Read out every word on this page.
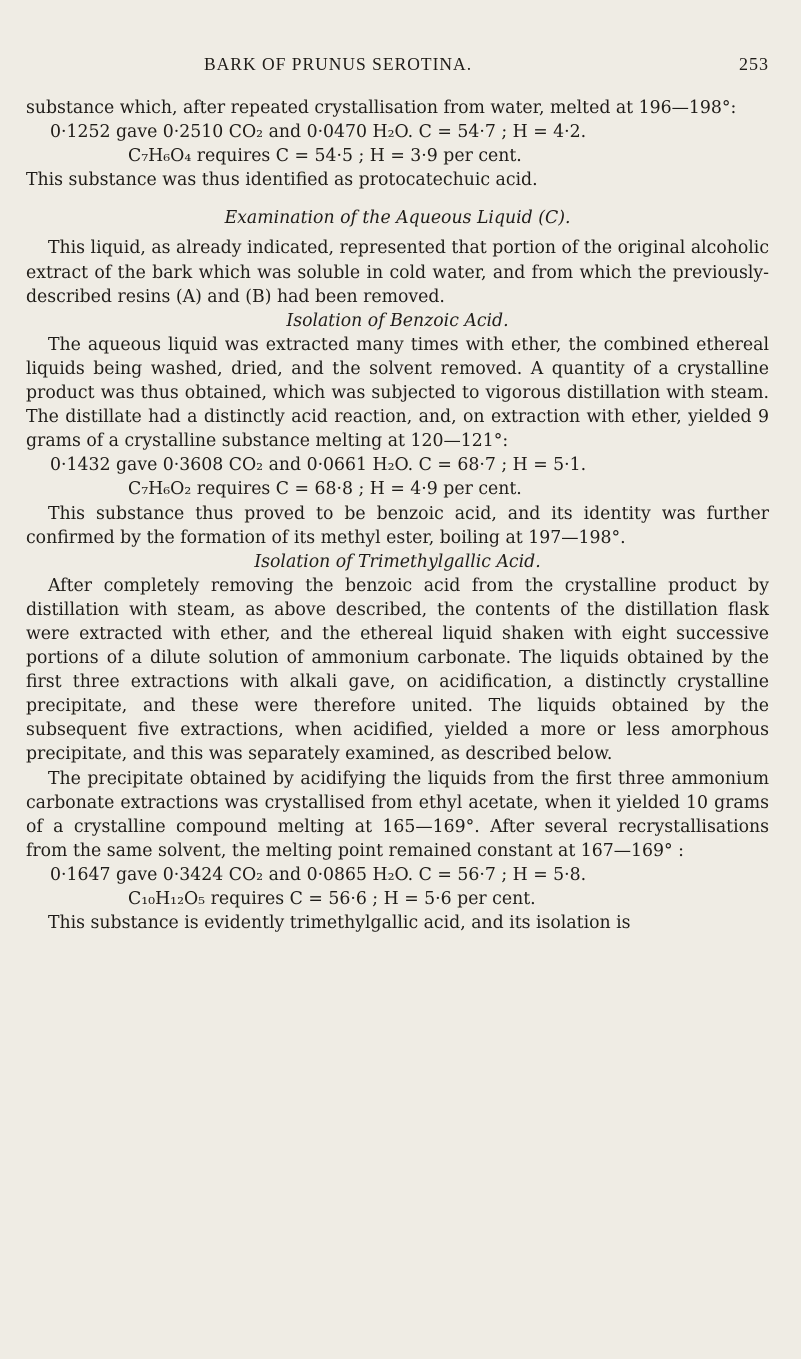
BARK OF PRUNUS SEROTINA.	253

substance which, after repeated crystallisation from water, melted at 196—198°:

0·1252 gave 0·2510 CO₂ and 0·0470 H₂O. C = 54·7 ; H = 4·2.

C₇H₆O₄ requires C = 54·5 ; H = 3·9 per cent.

This substance was thus identified as protocatechuic acid.

Examination of the Aqueous Liquid (C).

This liquid, as already indicated, represented that portion of the original alcoholic extract of the bark which was soluble in cold water, and from which the previously-described resins (A) and (B) had been removed.

Isolation of Benzoic Acid.

The aqueous liquid was extracted many times with ether, the combined ethereal liquids being washed, dried, and the solvent removed. A quantity of a crystalline product was thus obtained, which was subjected to vigorous distillation with steam. The distillate had a distinctly acid reaction, and, on extraction with ether, yielded 9 grams of a crystalline substance melting at 120—121°:

0·1432 gave 0·3608 CO₂ and 0·0661 H₂O. C = 68·7 ; H = 5·1.

C₇H₆O₂ requires C = 68·8 ; H = 4·9 per cent.

This substance thus proved to be benzoic acid, and its identity was further confirmed by the formation of its methyl ester, boiling at 197—198°.

Isolation of Trimethylgallic Acid.

After completely removing the benzoic acid from the crystalline product by distillation with steam, as above described, the contents of the distillation flask were extracted with ether, and the ethereal liquid shaken with eight successive portions of a dilute solution of ammonium carbonate. The liquids obtained by the first three extractions with alkali gave, on acidification, a distinctly crystalline precipitate, and these were therefore united. The liquids obtained by the subsequent five extractions, when acidified, yielded a more or less amorphous precipitate, and this was separately examined, as described below.

The precipitate obtained by acidifying the liquids from the first three ammonium carbonate extractions was crystallised from ethyl acetate, when it yielded 10 grams of a crystalline compound melting at 165—169°. After several recrystallisations from the same solvent, the melting point remained constant at 167—169° :

0·1647 gave 0·3424 CO₂ and 0·0865 H₂O. C = 56·7 ; H = 5·8.

C₁₀H₁₂O₅ requires C = 56·6 ; H = 5·6 per cent.

This substance is evidently trimethylgallic acid, and its isolation is
